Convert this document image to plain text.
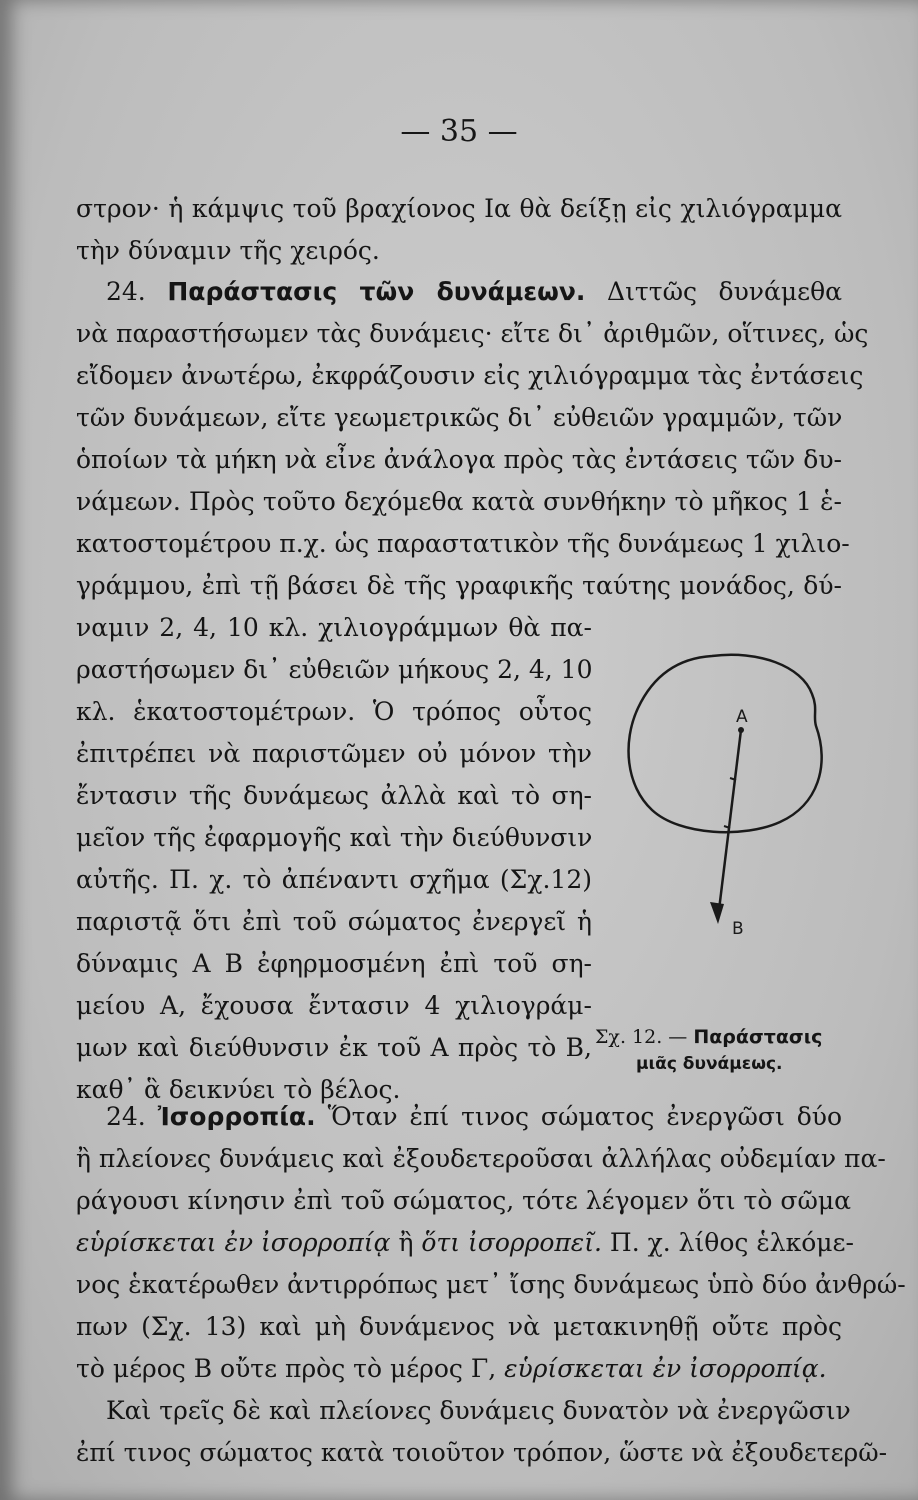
— 35 —
στρον· ἡ κάμψις τοῦ βραχίονος Ια θὰ δείξῃ εἰς χιλιόγραμμα
τὴν δύναμιν τῆς χειρός.
24. Παράστασις τῶν δυνάμεων. Διττῶς δυνάμεθα
νὰ παραστήσωμεν τὰς δυνάμεις· εἴτε δι᾽ ἀριθμῶν, οἵτινες, ὡς
εἴδομεν ἀνωτέρω, ἐκφράζουσιν εἰς χιλιόγραμμα τὰς ἐντάσεις
τῶν δυνάμεων, εἴτε γεωμετρικῶς δι᾽ εὐθειῶν γραμμῶν, τῶν
ὁποίων τὰ μήκη νὰ εἶνε ἀνάλογα πρὸς τὰς ἐντάσεις τῶν δυ-
νάμεων. Πρὸς τοῦτο δεχόμεθα κατὰ συνθήκην τὸ μῆκος 1 ἑ-
κατοστομέτρου π.χ. ὡς παραστατικὸν τῆς δυνάμεως 1 χιλιο-
γράμμου, ἐπὶ τῇ βάσει δὲ τῆς γραφικῆς ταύτης μονάδος, δύ-
ναμιν 2, 4, 10 κλ. χιλιογράμμων θὰ πα-
ραστήσωμεν δι᾽ εὐθειῶν μήκους 2, 4, 10
κλ. ἑκατοστομέτρων. Ὁ τρόπος οὗτος
ἐπιτρέπει νὰ παριστῶμεν οὐ μόνον τὴν
ἔντασιν τῆς δυνάμεως ἀλλὰ καὶ τὸ ση-
μεῖον τῆς ἐφαρμογῆς καὶ τὴν διεύθυνσιν
αὐτῆς. Π. χ. τὸ ἀπέναντι σχῆμα (Σχ.12)
παριστᾷ ὅτι ἐπὶ τοῦ σώματος ἐνεργεῖ ἡ
δύναμις Α Β ἐφηρμοσμένη ἐπὶ τοῦ ση-
μείου Α, ἔχουσα ἔντασιν 4 χιλιογράμ-
μων καὶ διεύθυνσιν ἐκ τοῦ Α πρὸς τὸ Β,
καθ᾽ ἃ δεικνύει τὸ βέλος.
A
B
Σχ. 12. — Παράστασις
μιᾶς δυνάμεως.
24. Ἰσορροπία. Ὅταν ἐπί τινος σώματος ἐνεργῶσι δύο
ἢ πλείονες δυνάμεις καὶ ἐξουδετεροῦσαι ἀλλήλας οὐδεμίαν πα-
ράγουσι κίνησιν ἐπὶ τοῦ σώματος, τότε λέγομεν ὅτι τὸ σῶμα
εὑρίσκεται ἐν ἰσορροπίᾳ ἢ ὅτι ἰσορροπεῖ. Π. χ. λίθος ἑλκόμε-
νος ἑκατέρωθεν ἀντιρρόπως μετ᾽ ἴσης δυνάμεως ὑπὸ δύο ἀνθρώ-
πων (Σχ. 13) καὶ μὴ δυνάμενος νὰ μετακινηθῇ οὔτε πρὸς
τὸ μέρος Β οὔτε πρὸς τὸ μέρος Γ, εὑρίσκεται ἐν ἰσορροπίᾳ.
Καὶ τρεῖς δὲ καὶ πλείονες δυνάμεις δυνατὸν νὰ ἐνεργῶσιν
ἐπί τινος σώματος κατὰ τοιοῦτον τρόπον, ὥστε νὰ ἐξουδετερῶ-
